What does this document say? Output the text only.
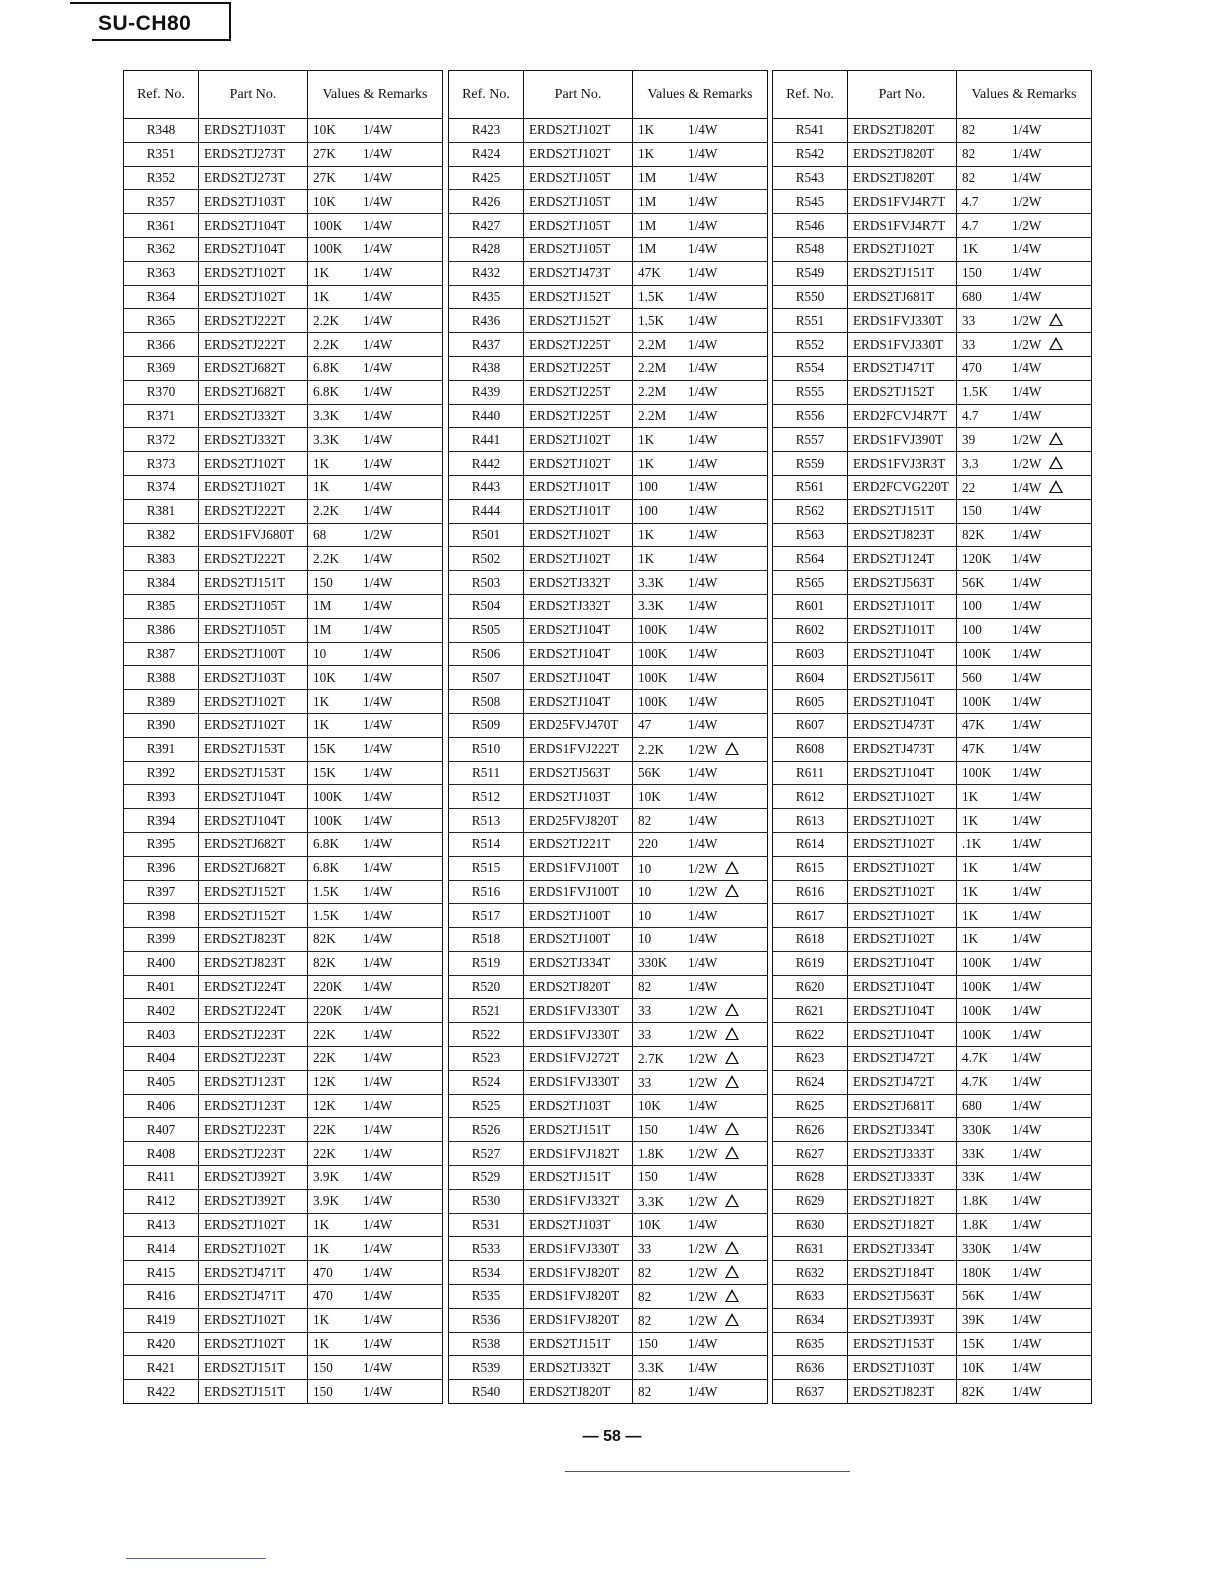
SU-CH80
Ref. No.	Part No.	Values & Remarks
R348	ERDS2TJ103T	10K 1/4W
R351	ERDS2TJ273T	27K 1/4W
R352	ERDS2TJ273T	27K 1/4W
R357	ERDS2TJ103T	10K 1/4W
R361	ERDS2TJ104T	100K 1/4W
R362	ERDS2TJ104T	100K 1/4W
R363	ERDS2TJ102T	1K 1/4W
R364	ERDS2TJ102T	1K 1/4W
R365	ERDS2TJ222T	2.2K 1/4W
R366	ERDS2TJ222T	2.2K 1/4W
R369	ERDS2TJ682T	6.8K 1/4W
R370	ERDS2TJ682T	6.8K 1/4W
R371	ERDS2TJ332T	3.3K 1/4W
R372	ERDS2TJ332T	3.3K 1/4W
R373	ERDS2TJ102T	1K 1/4W
R374	ERDS2TJ102T	1K 1/4W
R381	ERDS2TJ222T	2.2K 1/4W
R382	ERDS1FVJ680T	68 1/2W
R383	ERDS2TJ222T	2.2K 1/4W
R384	ERDS2TJ151T	150 1/4W
R385	ERDS2TJ105T	1M 1/4W
R386	ERDS2TJ105T	1M 1/4W
R387	ERDS2TJ100T	10 1/4W
R388	ERDS2TJ103T	10K 1/4W
R389	ERDS2TJ102T	1K 1/4W
R390	ERDS2TJ102T	1K 1/4W
R391	ERDS2TJ153T	15K 1/4W
R392	ERDS2TJ153T	15K 1/4W
R393	ERDS2TJ104T	100K 1/4W
R394	ERDS2TJ104T	100K 1/4W
R395	ERDS2TJ682T	6.8K 1/4W
R396	ERDS2TJ682T	6.8K 1/4W
R397	ERDS2TJ152T	1.5K 1/4W
R398	ERDS2TJ152T	1.5K 1/4W
R399	ERDS2TJ823T	82K 1/4W
R400	ERDS2TJ823T	82K 1/4W
R401	ERDS2TJ224T	220K 1/4W
R402	ERDS2TJ224T	220K 1/4W
R403	ERDS2TJ223T	22K 1/4W
R404	ERDS2TJ223T	22K 1/4W
R405	ERDS2TJ123T	12K 1/4W
R406	ERDS2TJ123T	12K 1/4W
R407	ERDS2TJ223T	22K 1/4W
R408	ERDS2TJ223T	22K 1/4W
R411	ERDS2TJ392T	3.9K 1/4W
R412	ERDS2TJ392T	3.9K 1/4W
R413	ERDS2TJ102T	1K 1/4W
R414	ERDS2TJ102T	1K 1/4W
R415	ERDS2TJ471T	470 1/4W
R416	ERDS2TJ471T	470 1/4W
R419	ERDS2TJ102T	1K 1/4W
R420	ERDS2TJ102T	1K 1/4W
R421	ERDS2TJ151T	150 1/4W
R422	ERDS2TJ151T	150 1/4W
Ref. No.	Part No.	Values & Remarks
R423	ERDS2TJ102T	1K 1/4W
R424	ERDS2TJ102T	1K 1/4W
R425	ERDS2TJ105T	1M 1/4W
R426	ERDS2TJ105T	1M 1/4W
R427	ERDS2TJ105T	1M 1/4W
R428	ERDS2TJ105T	1M 1/4W
R432	ERDS2TJ473T	47K 1/4W
R435	ERDS2TJ152T	1.5K 1/4W
R436	ERDS2TJ152T	1.5K 1/4W
R437	ERDS2TJ225T	2.2M 1/4W
R438	ERDS2TJ225T	2.2M 1/4W
R439	ERDS2TJ225T	2.2M 1/4W
R440	ERDS2TJ225T	2.2M 1/4W
R441	ERDS2TJ102T	1K 1/4W
R442	ERDS2TJ102T	1K 1/4W
R443	ERDS2TJ101T	100 1/4W
R444	ERDS2TJ101T	100 1/4W
R501	ERDS2TJ102T	1K 1/4W
R502	ERDS2TJ102T	1K 1/4W
R503	ERDS2TJ332T	3.3K 1/4W
R504	ERDS2TJ332T	3.3K 1/4W
R505	ERDS2TJ104T	100K 1/4W
R506	ERDS2TJ104T	100K 1/4W
R507	ERDS2TJ104T	100K 1/4W
R508	ERDS2TJ104T	100K 1/4W
R509	ERD25FVJ470T	47 1/4W
R510	ERDS1FVJ222T	2.2K 1/2W
R511	ERDS2TJ563T	56K 1/4W
R512	ERDS2TJ103T	10K 1/4W
R513	ERD25FVJ820T	82 1/4W
R514	ERDS2TJ221T	220 1/4W
R515	ERDS1FVJ100T	10 1/2W
R516	ERDS1FVJ100T	10 1/2W
R517	ERDS2TJ100T	10 1/4W
R518	ERDS2TJ100T	10 1/4W
R519	ERDS2TJ334T	330K 1/4W
R520	ERDS2TJ820T	82 1/4W
R521	ERDS1FVJ330T	33 1/2W
R522	ERDS1FVJ330T	33 1/2W
R523	ERDS1FVJ272T	2.7K 1/2W
R524	ERDS1FVJ330T	33 1/2W
R525	ERDS2TJ103T	10K 1/4W
R526	ERDS2TJ151T	150 1/4W
R527	ERDS1FVJ182T	1.8K 1/2W
R529	ERDS2TJ151T	150 1/4W
R530	ERDS1FVJ332T	3.3K 1/2W
R531	ERDS2TJ103T	10K 1/4W
R533	ERDS1FVJ330T	33 1/2W
R534	ERDS1FVJ820T	82 1/2W
R535	ERDS1FVJ820T	82 1/2W
R536	ERDS1FVJ820T	82 1/2W
R538	ERDS2TJ151T	150 1/4W
R539	ERDS2TJ332T	3.3K 1/4W
R540	ERDS2TJ820T	82 1/4W
Ref. No.	Part No.	Values & Remarks
R541	ERDS2TJ820T	82 1/4W
R542	ERDS2TJ820T	82 1/4W
R543	ERDS2TJ820T	82 1/4W
R545	ERDS1FVJ4R7T	4.7 1/2W
R546	ERDS1FVJ4R7T	4.7 1/2W
R548	ERDS2TJ102T	1K 1/4W
R549	ERDS2TJ151T	150 1/4W
R550	ERDS2TJ681T	680 1/4W
R551	ERDS1FVJ330T	33 1/2W
R552	ERDS1FVJ330T	33 1/2W
R554	ERDS2TJ471T	470 1/4W
R555	ERDS2TJ152T	1.5K 1/4W
R556	ERD2FCVJ4R7T	4.7 1/4W
R557	ERDS1FVJ390T	39 1/2W
R559	ERDS1FVJ3R3T	3.3 1/2W
R561	ERD2FCVG220T	22 1/4W
R562	ERDS2TJ151T	150 1/4W
R563	ERDS2TJ823T	82K 1/4W
R564	ERDS2TJ124T	120K 1/4W
R565	ERDS2TJ563T	56K 1/4W
R601	ERDS2TJ101T	100 1/4W
R602	ERDS2TJ101T	100 1/4W
R603	ERDS2TJ104T	100K 1/4W
R604	ERDS2TJ561T	560 1/4W
R605	ERDS2TJ104T	100K 1/4W
R607	ERDS2TJ473T	47K 1/4W
R608	ERDS2TJ473T	47K 1/4W
R611	ERDS2TJ104T	100K 1/4W
R612	ERDS2TJ102T	1K 1/4W
R613	ERDS2TJ102T	1K 1/4W
R614	ERDS2TJ102T	.1K 1/4W
R615	ERDS2TJ102T	1K 1/4W
R616	ERDS2TJ102T	1K 1/4W
R617	ERDS2TJ102T	1K 1/4W
R618	ERDS2TJ102T	1K 1/4W
R619	ERDS2TJ104T	100K 1/4W
R620	ERDS2TJ104T	100K 1/4W
R621	ERDS2TJ104T	100K 1/4W
R622	ERDS2TJ104T	100K 1/4W
R623	ERDS2TJ472T	4.7K 1/4W
R624	ERDS2TJ472T	4.7K 1/4W
R625	ERDS2TJ681T	680 1/4W
R626	ERDS2TJ334T	330K 1/4W
R627	ERDS2TJ333T	33K 1/4W
R628	ERDS2TJ333T	33K 1/4W
R629	ERDS2TJ182T	1.8K 1/4W
R630	ERDS2TJ182T	1.8K 1/4W
R631	ERDS2TJ334T	330K 1/4W
R632	ERDS2TJ184T	180K 1/4W
R633	ERDS2TJ563T	56K 1/4W
R634	ERDS2TJ393T	39K 1/4W
R635	ERDS2TJ153T	15K 1/4W
R636	ERDS2TJ103T	10K 1/4W
R637	ERDS2TJ823T	82K 1/4W
— 58 —
